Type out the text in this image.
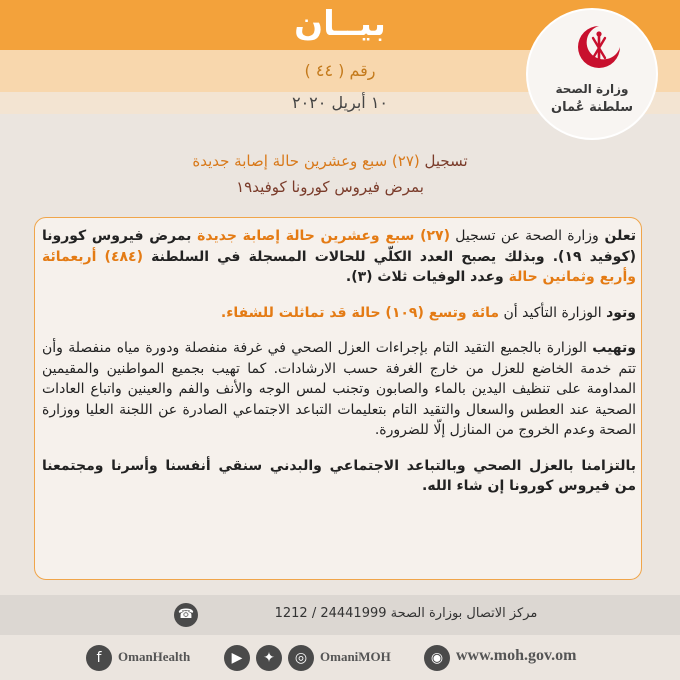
بيــان
رقم ( ٤٤ )
١٠ أبريل ٢٠٢٠
وزارة الصحة
سلطنة عُمان
تسجيل (٢٧) سبع وعشرين حالة إصابة جديدة
بمرض فيروس كورونا كوفيد١٩

تعلن وزارة الصحة عن تسجيل (٢٧) سبع وعشرين حالة إصابة جديدة بمرض فيروس كورونا (كوفيد ١٩). وبذلك يصبح العدد الكلّي للحالات المسجلة في السلطنة (٤٨٤) أربعمائة وأربع وثمانين حالة وعدد الوفيات ثلاث (٣).

وتود الوزارة التأكيد أن مائة وتسع (١٠٩) حالة قد تماثلت للشفاء.

وتهيب الوزارة بالجميع التقيد التام بإجراءات العزل الصحي في غرفة منفصلة ودورة مياه منفصلة وأن تتم خدمة الخاضع للعزل من خارج الغرفة حسب الارشادات. كما تهيب بجميع المواطنين والمقيمين المداومة على تنظيف اليدين بالماء والصابون وتجنب لمس الوجه والأنف والفم والعينين واتباع العادات الصحية عند العطس والسعال والتقيد التام بتعليمات التباعد الاجتماعي الصادرة عن اللجنة العليا ووزارة الصحة وعدم الخروج من المنازل إلّا للضرورة.

بالتزامنا بالعزل الصحي وبالتباعد الاجتماعي والبدني سنقي أنفسنا وأسرنا ومجتمعنا من فيروس كورونا إن شاء الله.

مركز الاتصال بوزارة الصحة 24441999 / 1212
☎
f	OmanHealth	▶	✦	◎ OmaniMOH	◉ www.moh.gov.om
